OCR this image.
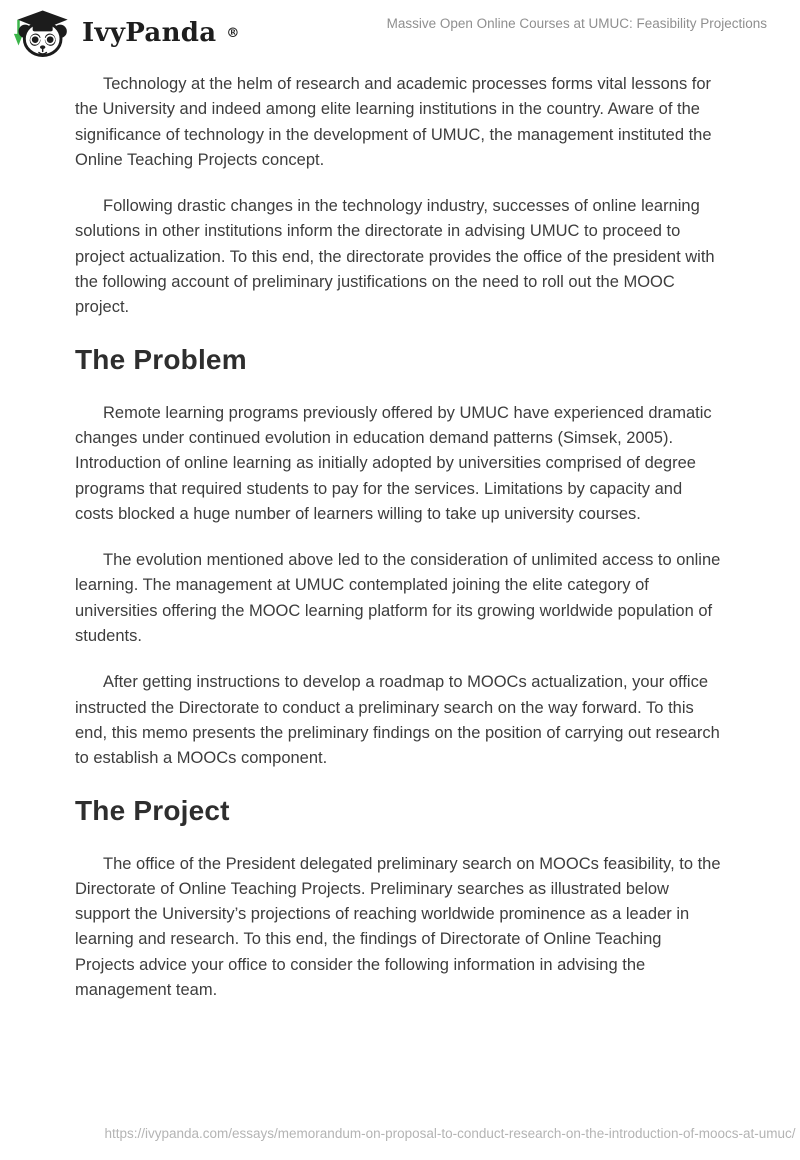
IvyPanda ®
Massive Open Online Courses at UMUC: Feasibility Projections

Technology at the helm of research and academic processes forms vital lessons for the University and indeed among elite learning institutions in the country. Aware of the significance of technology in the development of UMUC, the management instituted the Online Teaching Projects concept.

Following drastic changes in the technology industry, successes of online learning solutions in other institutions inform the directorate in advising UMUC to proceed to project actualization. To this end, the directorate provides the office of the president with the following account of preliminary justifications on the need to roll out the MOOC project.

The Problem

Remote learning programs previously offered by UMUC have experienced dramatic changes under continued evolution in education demand patterns (Simsek, 2005). Introduction of online learning as initially adopted by universities comprised of degree programs that required students to pay for the services. Limitations by capacity and costs blocked a huge number of learners willing to take up university courses.

The evolution mentioned above led to the consideration of unlimited access to online learning. The management at UMUC contemplated joining the elite category of universities offering the MOOC learning platform for its growing worldwide population of students.

After getting instructions to develop a roadmap to MOOCs actualization, your office instructed the Directorate to conduct a preliminary search on the way forward. To this end, this memo presents the preliminary findings on the position of carrying out research to establish a MOOCs component.

The Project

The office of the President delegated preliminary search on MOOCs feasibility, to the Directorate of Online Teaching Projects. Preliminary searches as illustrated below support the University’s projections of reaching worldwide prominence as a leader in learning and research. To this end, the findings of Directorate of Online Teaching Projects advice your office to consider the following information in advising the management team.

https://ivypanda.com/essays/memorandum-on-proposal-to-conduct-research-on-the-introduction-of-moocs-at-umuc/
